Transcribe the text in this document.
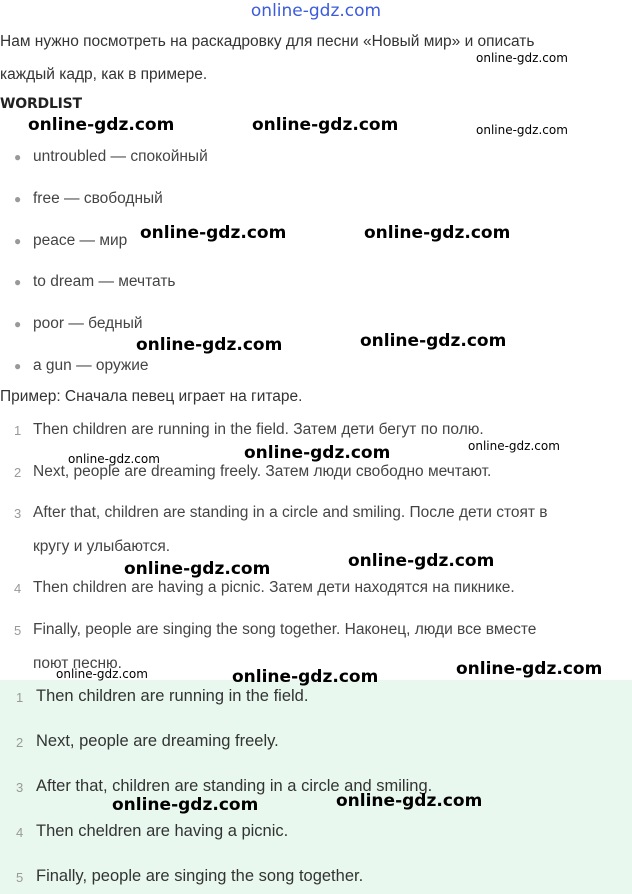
online-gdz.com
Нам нужно посмотреть на раскадровку для песни «Новый мир» и описать
каждый кадр, как в примере.
WORDLIST
● untroubled — спокойный
● free — свободный
● peace — мир
● to dream — мечтать
● poor — бедный
● a gun — оружие
Пример: Сначала певец играет на гитаре.
1 Then children are running in the field. Затем дети бегут по полю.
2 Next, people are dreaming freely. Затем люди свободно мечтают.
3 After that, children are standing in a circle and smiling. После дети стоят в
кругу и улыбаются.
4 Then children are having a picnic. Затем дети находятся на пикнике.
5 Finally, people are singing the song together. Наконец, люди все вместе
поют песню.
1 Then children are running in the field.
2 Next, people are dreaming freely.
3 After that, children are standing in a circle and smiling.
4 Then cheldren are having a picnic.
5 Finally, people are singing the song together.
online-gdz.com
online-gdz.com	online-gdz.com	online-gdz.com
online-gdz.com	online-gdz.com
online-gdz.com
online-gdz.com
online-gdz.com
online-gdz.com
online-gdz.com
online-gdz.com
online-gdz.com
online-gdz.com
online-gdz.com	online-gdz.com
online-gdz.com
online-gdz.com
